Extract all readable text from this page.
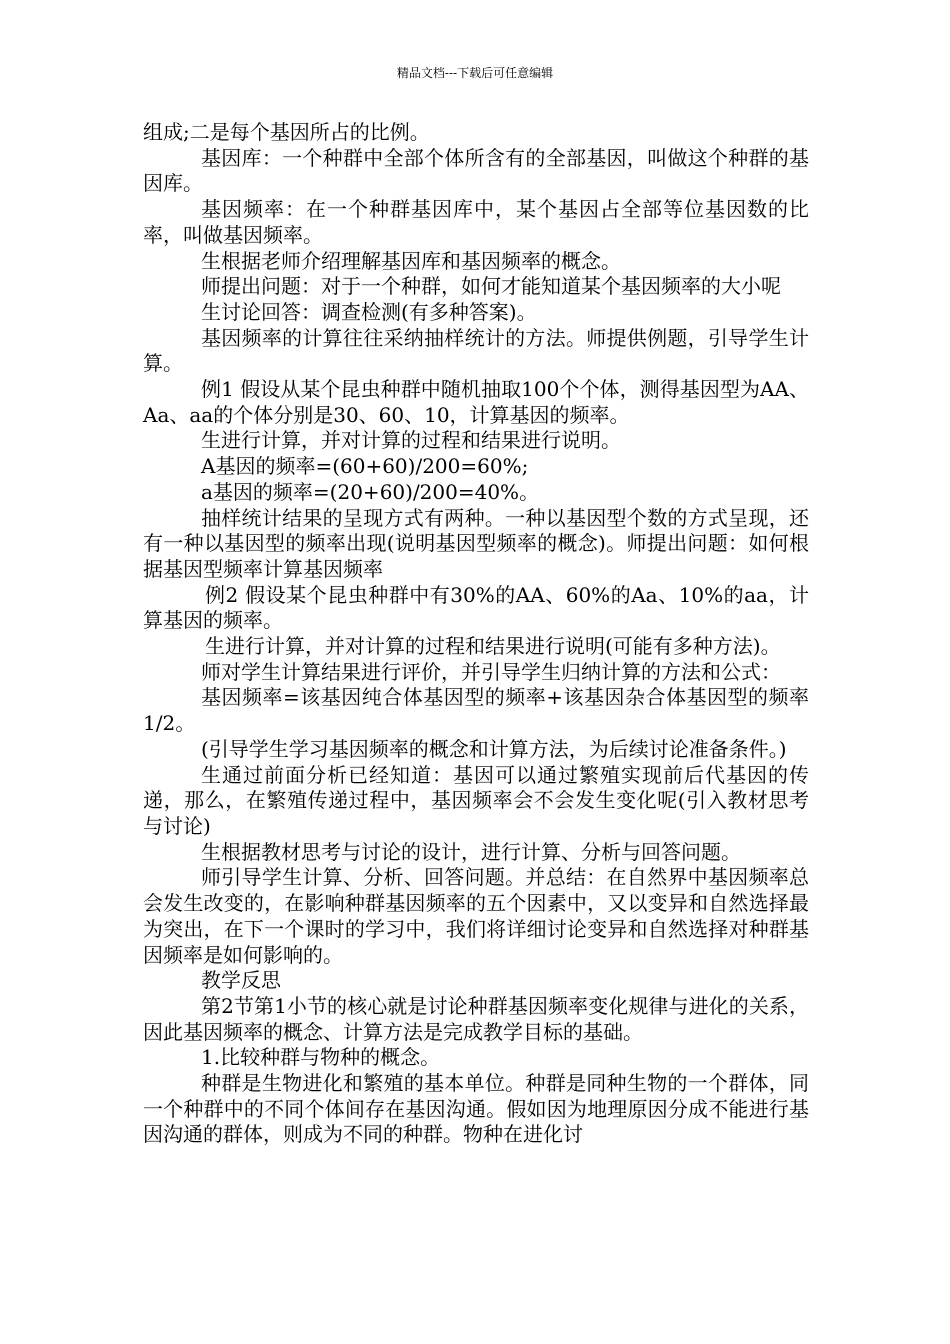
精品文档---下载后可任意编辑

组成;二是每个基因所占的比例。

基因库：一个种群中全部个体所含有的全部基因，叫做这个种群的基因库。

基因频率：在一个种群基因库中，某个基因占全部等位基因数的比率，叫做基因频率。

生根据老师介绍理解基因库和基因频率的概念。

师提出问题：对于一个种群，如何才能知道某个基因频率的大小呢

生讨论回答：调查检测(有多种答案)。

基因频率的计算往往采纳抽样统计的方法。师提供例题，引导学生计算。

例1 假设从某个昆虫种群中随机抽取100个个体，测得基因型为AA、Aa、aa的个体分别是30、60、10，计算基因的频率。

生进行计算，并对计算的过程和结果进行说明。

A基因的频率=(60+60)/200=60%;

a基因的频率=(20+60)/200=40%。

抽样统计结果的呈现方式有两种。一种以基因型个数的方式呈现，还有一种以基因型的频率出现(说明基因型频率的概念)。师提出问题：如何根据基因型频率计算基因频率

例2 假设某个昆虫种群中有30%的AA、60%的Aa、10%的aa，计算基因的频率。

生进行计算，并对计算的过程和结果进行说明(可能有多种方法)。

师对学生计算结果进行评价，并引导学生归纳计算的方法和公式：

基因频率=该基因纯合体基因型的频率+该基因杂合体基因型的频率1/2。

(引导学生学习基因频率的概念和计算方法，为后续讨论准备条件。)

生通过前面分析已经知道：基因可以通过繁殖实现前后代基因的传递，那么，在繁殖传递过程中，基因频率会不会发生变化呢(引入教材思考与讨论)

生根据教材思考与讨论的设计，进行计算、分析与回答问题。

师引导学生计算、分析、回答问题。并总结：在自然界中基因频率总会发生改变的，在影响种群基因频率的五个因素中，又以变异和自然选择最为突出，在下一个课时的学习中，我们将详细讨论变异和自然选择对种群基因频率是如何影响的。

教学反思

第2节第1小节的核心就是讨论种群基因频率变化规律与进化的关系，因此基因频率的概念、计算方法是完成教学目标的基础。

1.比较种群与物种的概念。

种群是生物进化和繁殖的基本单位。种群是同种生物的一个群体，同一个种群中的不同个体间存在基因沟通。假如因为地理原因分成不能进行基因沟通的群体，则成为不同的种群。物种在进化讨
